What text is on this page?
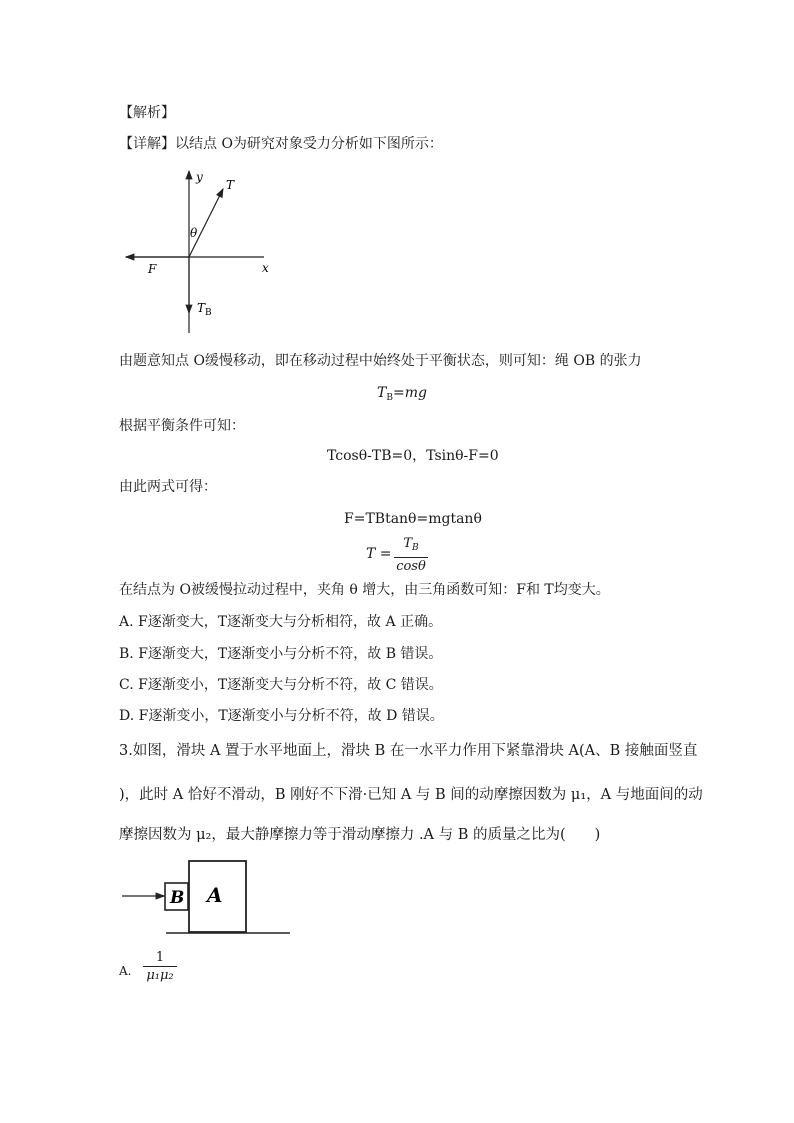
【解析】
【详解】以结点 O为研究对象受力分析如下图所示：
y
T
θ
F	x
$T_B$
由题意知点 O缓慢移动，即在移动过程中始终处于平衡状态，则可知：绳 OB 的张力
$T_B=mg$
根据平衡条件可知：
Tcosθ-TB=0，Tsinθ-F=0
由此两式可得：
F=TBtanθ=mgtanθ
$T = \frac{T_B}{\cos\theta}$
在结点为 O被缓慢拉动过程中，夹角 θ 增大，由三角函数可知：F和 T均变大。
A. F逐渐变大，T逐渐变大与分析相符，故 A 正确。
B. F逐渐变大，T逐渐变小与分析不符，故 B 错误。
C. F逐渐变小，T逐渐变大与分析不符，故 C 错误。
D. F逐渐变小，T逐渐变小与分析不符，故 D 错误。
3.如图，滑块 A 置于水平地面上，滑块 B 在一水平力作用下紧靠滑块 A(A、B 接触面竖直
)，此时 A 恰好不滑动，B 刚好不下滑·已知 A 与 B 间的动摩擦因数为 μ₁，A 与地面间的动
摩擦因数为 μ₂，最大静摩擦力等于滑动摩擦力 .A 与 B 的质量之比为(　　)
B A
A. $\frac{1}{\text{μ₁μ₂}}$
